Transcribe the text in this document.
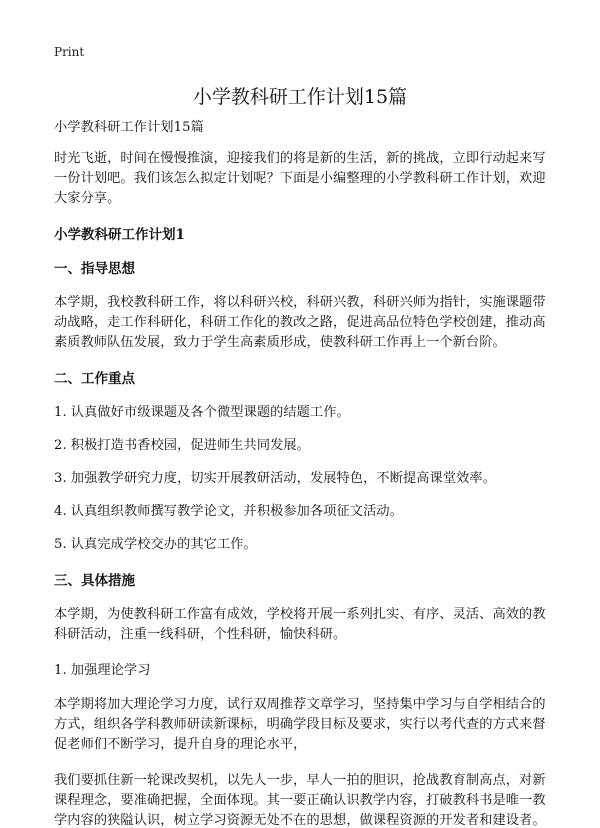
Print
小学教科研工作计划15篇

小学教科研工作计划15篇

时光飞逝，时间在慢慢推演，迎接我们的将是新的生活，新的挑战，立即行动起来写一份计划吧。我们该怎么拟定计划呢？下面是小编整理的小学教科研工作计划，欢迎大家分享。

小学教科研工作计划1
一、指导思想

本学期，我校教科研工作，将以科研兴校，科研兴教，科研兴师为指针，实施课题带动战略，走工作科研化，科研工作化的教改之路，促进高品位特色学校创建，推动高素质教师队伍发展，致力于学生高素质形成，使教科研工作再上一个新台阶。

二、工作重点

1. 认真做好市级课题及各个微型课题的结题工作。

2. 积极打造书香校园，促进师生共同发展。

3. 加强教学研究力度，切实开展教研活动，发展特色，不断提高课堂效率。

4. 认真组织教师撰写教学论文，并积极参加各项征文活动。

5. 认真完成学校交办的其它工作。

三、具体措施

本学期，为使教科研工作富有成效，学校将开展一系列扎实、有序、灵活、高效的教科研活动，注重一线科研，个性科研，愉快科研。

1. 加强理论学习

本学期将加大理论学习力度，试行双周推荐文章学习，坚持集中学习与自学相结合的方式，组织各学科教师研读新课标，明确学段目标及要求，实行以考代查的方式来督促老师们不断学习，提升自身的理论水平，

我们要抓住新一轮课改契机，以先人一步，早人一拍的胆识，抢战教育制高点，对新课程理念，要准确把握，全面体现。其一要正确认识教学内容，打破教科书是唯一教学内容的狭隘认识，树立学习资源无处不在的思想，做课程资源的开发者和建设者。
